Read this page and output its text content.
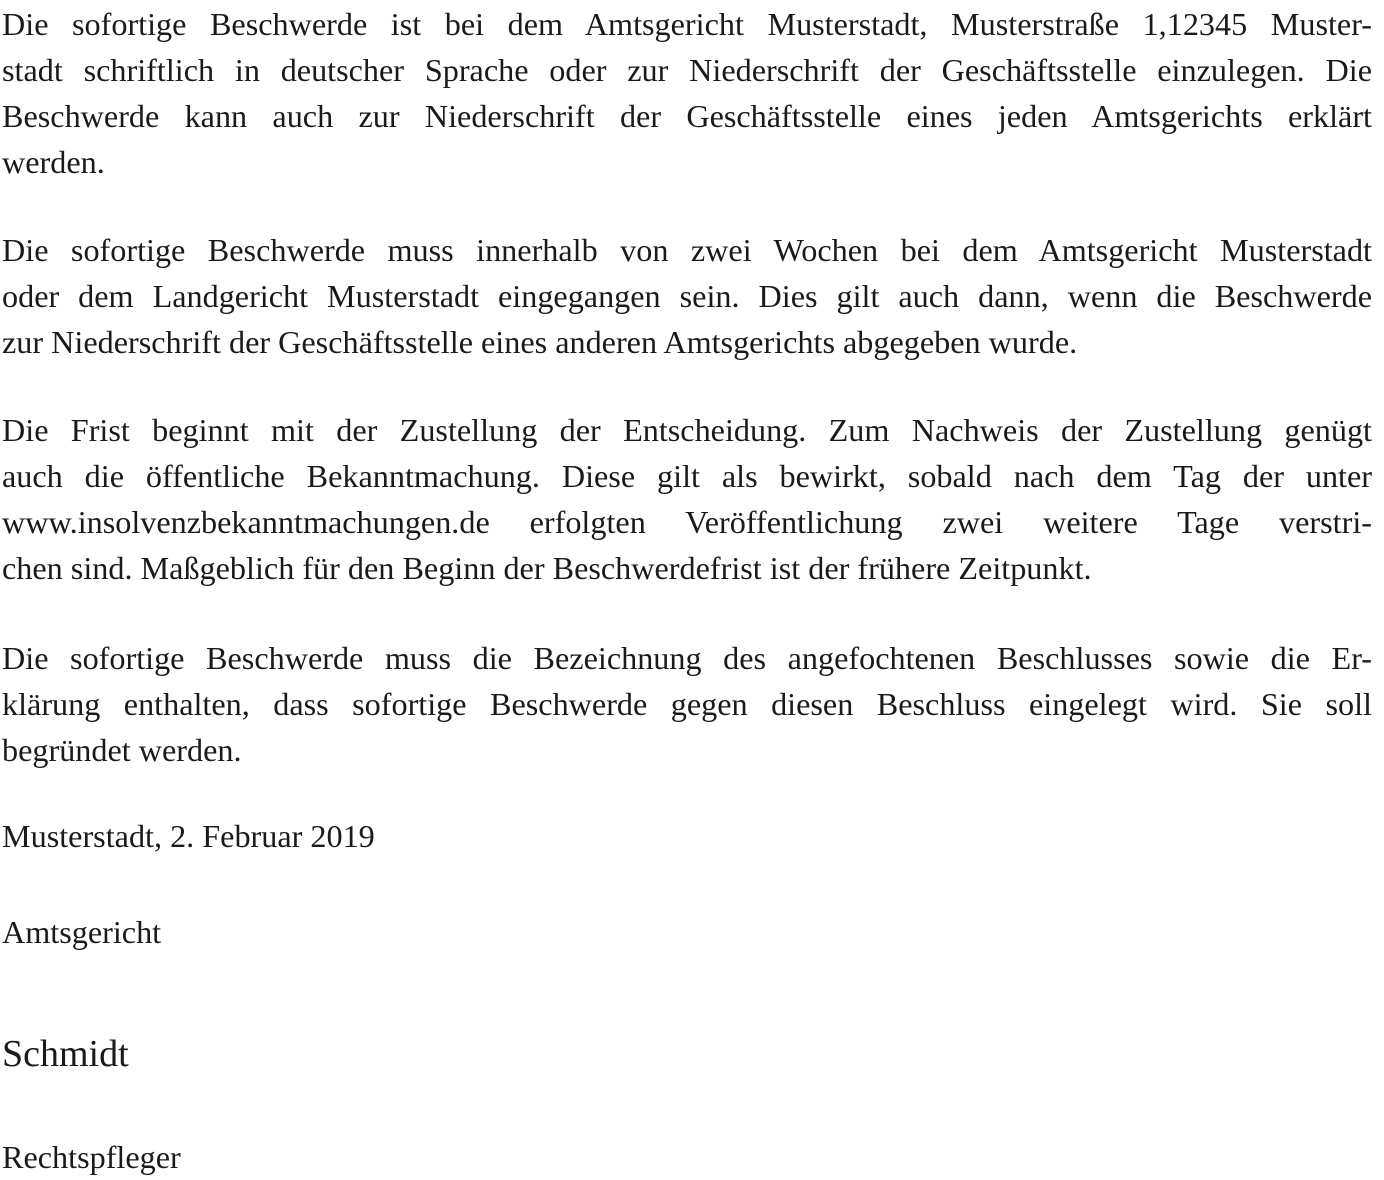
Die sofortige Beschwerde ist bei dem Amtsgericht Musterstadt, Musterstraße 1,12345 Muster-
stadt schriftlich in deutscher Sprache oder zur Niederschrift der Geschäftsstelle einzulegen. Die
Beschwerde kann auch zur Niederschrift der Geschäftsstelle eines jeden Amtsgerichts erklärt
werden.

Die sofortige Beschwerde muss innerhalb von zwei Wochen bei dem Amtsgericht Musterstadt
oder dem Landgericht Musterstadt eingegangen sein. Dies gilt auch dann, wenn die Beschwerde
zur Niederschrift der Geschäftsstelle eines anderen Amtsgerichts abgegeben wurde.

Die Frist beginnt mit der Zustellung der Entscheidung. Zum Nachweis der Zustellung genügt
auch die öffentliche Bekanntmachung. Diese gilt als bewirkt, sobald nach dem Tag der unter
www.insolvenzbekanntmachungen.de erfolgten Veröffentlichung zwei weitere Tage verstri-
chen sind. Maßgeblich für den Beginn der Beschwerdefrist ist der frühere Zeitpunkt.

Die sofortige Beschwerde muss die Bezeichnung des angefochtenen Beschlusses sowie die Er-
klärung enthalten, dass sofortige Beschwerde gegen diesen Beschluss eingelegt wird. Sie soll
begründet werden.

Musterstadt, 2. Februar 2019

Amtsgericht

Schmidt

Rechtspfleger
